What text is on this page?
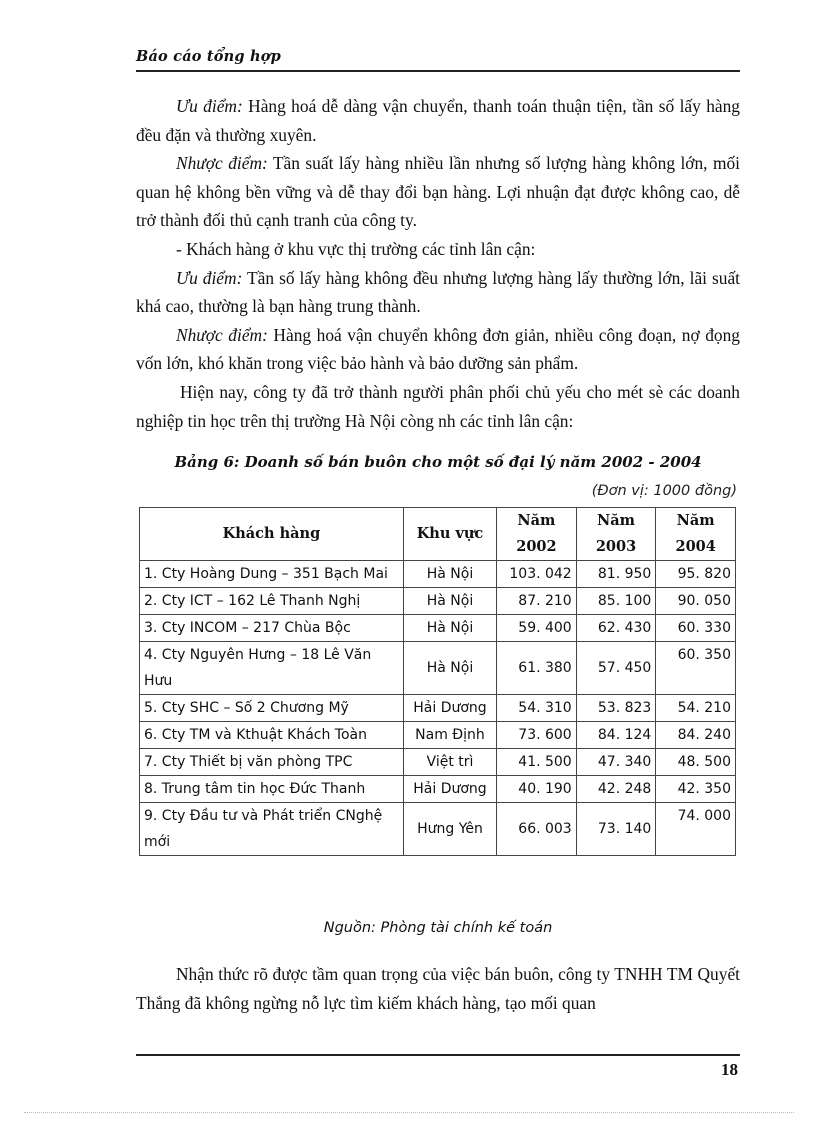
Báo cáo tổng hợp

Ưu điểm: Hàng hoá dễ dàng vận chuyển, thanh toán thuận tiện, tần số lấy hàng đều đặn và thường xuyên.

Nhược điểm: Tần suất lấy hàng nhiều lần nhưng số lượng hàng không lớn, mối quan hệ không bền vững và dễ thay đổi bạn hàng. Lợi nhuận đạt được không cao, dễ trở thành đối thủ cạnh tranh của công ty.

- Khách hàng ở khu vực thị trường các tỉnh lân cận:

Ưu điểm: Tần số lấy hàng không đều nhưng lượng hàng lấy thường lớn, lãi suất khá cao, thường là bạn hàng trung thành.

Nhược điểm: Hàng hoá vận chuyển không đơn giản, nhiều công đoạn, nợ đọng vốn lớn, khó khăn trong việc bảo hành và bảo dưỡng sản phẩm.

Hiện nay, công ty đã trở thành người phân phối chủ yếu cho mét sè các doanh nghiệp tin học trên thị trường Hà Nội còng nh các tỉnh lân cận:

Bảng 6: Doanh số bán buôn cho một số đại lý năm 2002 - 2004
(Đơn vị: 1000 đồng)
Khách hàng	Khu vực	Năm 2002	Năm 2003	Năm 2004
1. Cty Hoàng Dung – 351 Bạch Mai	Hà Nội	103. 042	81. 950	95. 820
2. Cty ICT – 162 Lê Thanh Nghị	Hà Nội	87. 210	85. 100	90. 050
3. Cty INCOM – 217 Chùa Bộc	Hà Nội	59. 400	62. 430	60. 330
4. Cty Nguyên Hưng – 18 Lê Văn Hưu	Hà Nội	61. 380	57. 450	60. 350
5. Cty SHC – Số 2 Chương Mỹ	Hải Dương	54. 310	53. 823	54. 210
6. Cty TM và Kthuật Khách Toàn	Nam Định	73. 600	84. 124	84. 240
7. Cty Thiết bị văn phòng TPC	Việt trì	41. 500	47. 340	48. 500
8. Trung tâm tin học Đức Thanh	Hải Dương	40. 190	42. 248	42. 350
9. Cty Đầu tư và Phát triển CNghệ mới	Hưng Yên	66. 003	73. 140	74. 000
Nguồn: Phòng tài chính kế toán

Nhận thức rõ được tầm quan trọng của việc bán buôn, công ty TNHH TM Quyết Thắng đã không ngừng nỗ lực tìm kiếm khách hàng, tạo mối quan

18
